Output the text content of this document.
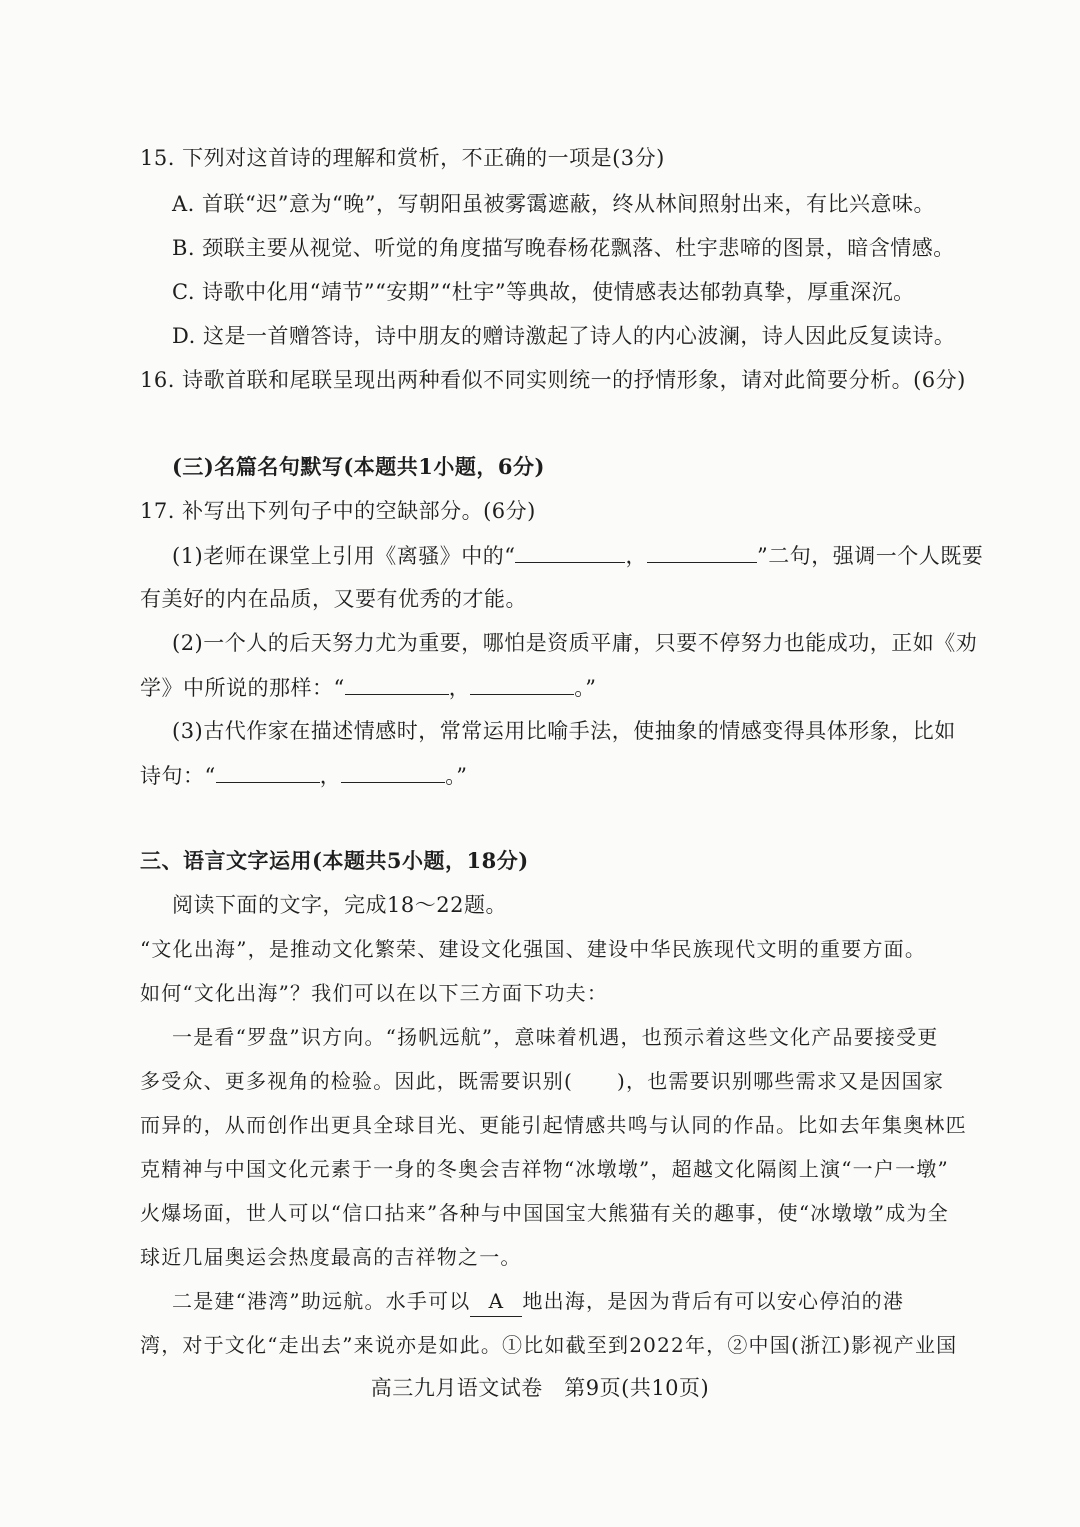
15. 下列对这首诗的理解和赏析，不正确的一项是(3分)
A. 首联“迟”意为“晚”，写朝阳虽被雾霭遮蔽，终从林间照射出来，有比兴意味。
B. 颈联主要从视觉、听觉的角度描写晚春杨花飘落、杜宇悲啼的图景，暗含情感。
C. 诗歌中化用“靖节”“安期”“杜宇”等典故，使情感表达郁勃真挚，厚重深沉。
D. 这是一首赠答诗，诗中朋友的赠诗激起了诗人的内心波澜，诗人因此反复读诗。
16. 诗歌首联和尾联呈现出两种看似不同实则统一的抒情形象，请对此简要分析。(6分)
(三)名篇名句默写(本题共1小题，6分)
17. 补写出下列句子中的空缺部分。(6分)
(1)老师在课堂上引用《离骚》中的“	，	”二句，强调一个人既要
有美好的内在品质，又要有优秀的才能。
(2)一个人的后天努力尤为重要，哪怕是资质平庸，只要不停努力也能成功，正如《劝
学》中所说的那样：“	，	。”
(3)古代作家在描述情感时，常常运用比喻手法，使抽象的情感变得具体形象，比如
诗句：“	，	。”
三、语言文字运用(本题共5小题，18分)
阅读下面的文字，完成18～22题。
“文化出海”，是推动文化繁荣、建设文化强国、建设中华民族现代文明的重要方面。
如何“文化出海”？我们可以在以下三方面下功夫：
一是看“罗盘”识方向。“扬帆远航”，意味着机遇，也预示着这些文化产品要接受更
多受众、更多视角的检验。因此，既需要识别( )，也需要识别哪些需求又是因国家
而异的，从而创作出更具全球目光、更能引起情感共鸣与认同的作品。比如去年集奥林匹
克精神与中国文化元素于一身的冬奥会吉祥物“冰墩墩”，超越文化隔阂上演“一户一墩”
火爆场面，世人可以“信口拈来”各种与中国国宝大熊猫有关的趣事，使“冰墩墩”成为全
球近几届奥运会热度最高的吉祥物之一。
二是建“港湾”助远航。水手可以 A 地出海，是因为背后有可以安心停泊的港
湾，对于文化“走出去”来说亦是如此。①比如截至到2022年，②中国(浙江)影视产业国
高三九月语文试卷　第9页(共10页)
